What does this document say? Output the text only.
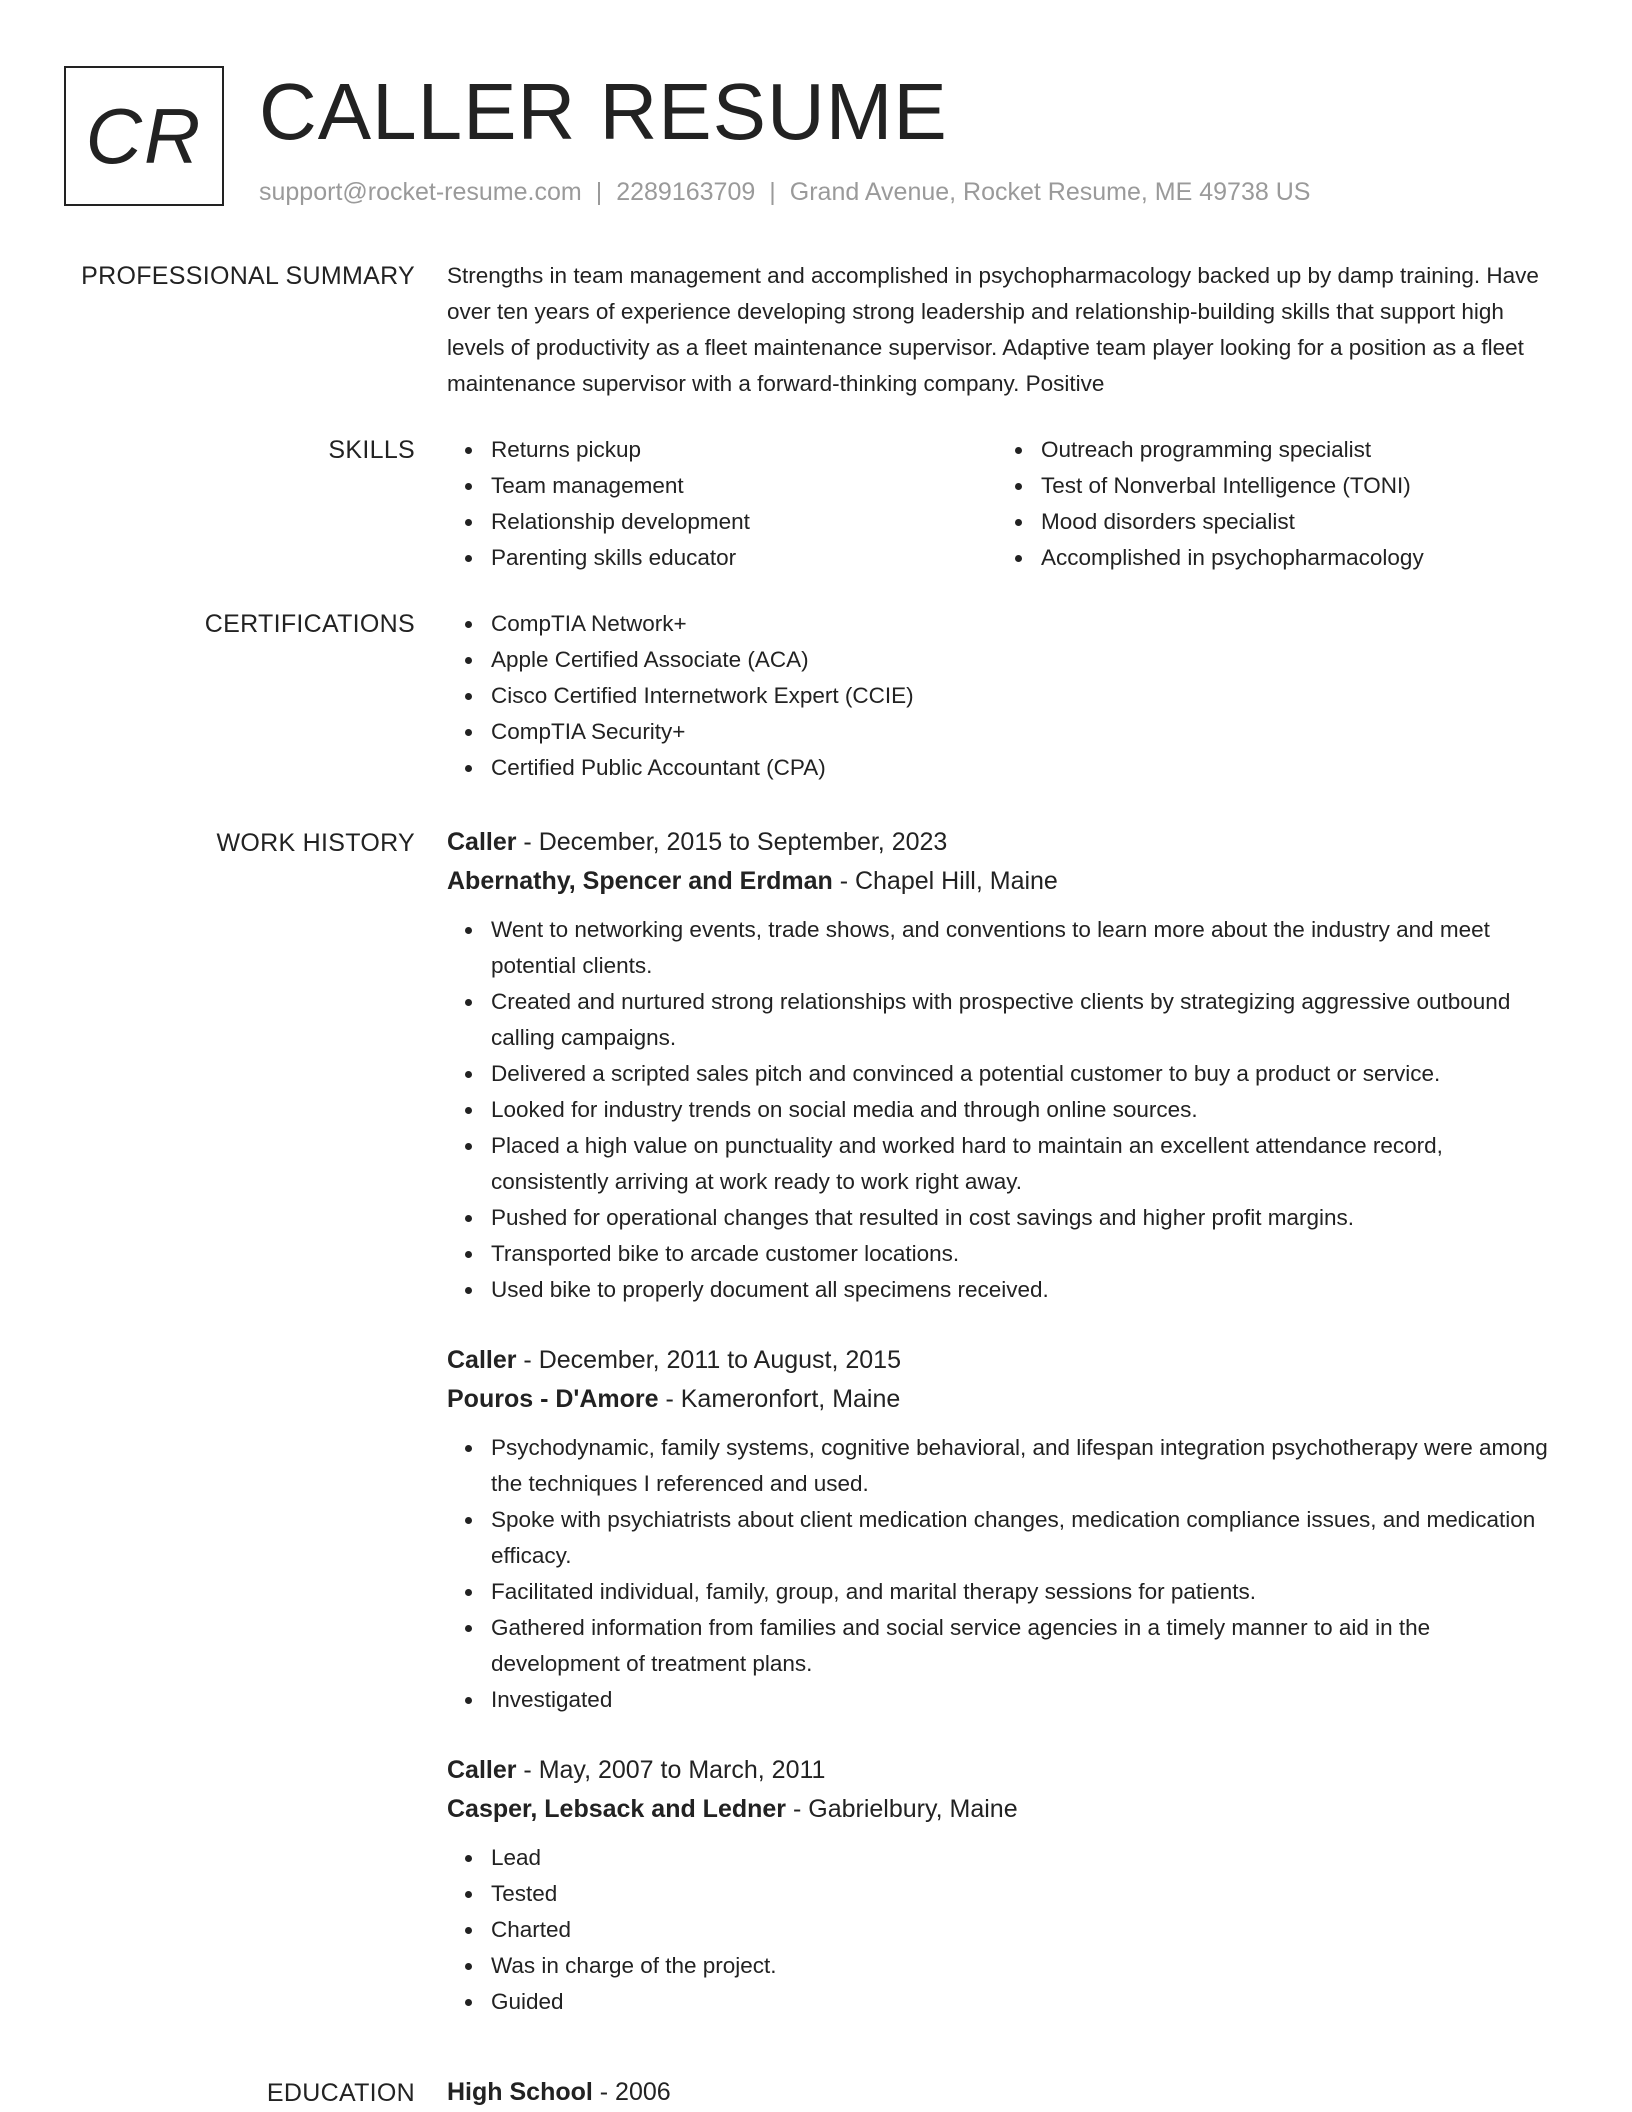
CR CALLER RESUME
support@rocket-resume.com | 2289163709 | Grand Avenue, Rocket Resume, ME 49738 US
PROFESSIONAL SUMMARY Strengths in team management and accomplished in psychopharmacology backed up by damp training. Have over ten years of experience developing strong leadership and relationship-building skills that support high levels of productivity as a fleet maintenance supervisor. Adaptive team player looking for a position as a fleet maintenance supervisor with a forward-thinking company. Positive

SKILLS	Returns pickup
Team management
Relationship development
Parenting skills educator
Outreach programming specialist
Test of Nonverbal Intelligence (TONI)
Mood disorders specialist
Accomplished in psychopharmacology
CERTIFICATIONS	CompTIA Network+
Apple Certified Associate (ACA)
Cisco Certified Internetwork Expert (CCIE)
CompTIA Security+
Certified Public Accountant (CPA)
WORK HISTORY Caller - December, 2015 to September, 2023
Abernathy, Spencer and Erdman - Chapel Hill, Maine
Went to networking events, trade shows, and conventions to learn more about the industry and meet potential clients.
Created and nurtured strong relationships with prospective clients by strategizing aggressive outbound calling campaigns.
Delivered a scripted sales pitch and convinced a potential customer to buy a product or service.
Looked for industry trends on social media and through online sources.
Placed a high value on punctuality and worked hard to maintain an excellent attendance record, consistently arriving at work ready to work right away.
Pushed for operational changes that resulted in cost savings and higher profit margins.
Transported bike to arcade customer locations.
Used bike to properly document all specimens received.
Caller - December, 2011 to August, 2015
Pouros - D'Amore - Kameronfort, Maine
Psychodynamic, family systems, cognitive behavioral, and lifespan integration psychotherapy were among the techniques I referenced and used.
Spoke with psychiatrists about client medication changes, medication compliance issues, and medication efficacy.
Facilitated individual, family, group, and marital therapy sessions for patients.
Gathered information from families and social service agencies in a timely manner to aid in the development of treatment plans.
Investigated
Caller - May, 2007 to March, 2011
Casper, Lebsack and Ledner - Gabrielbury, Maine
Lead
Tested
Charted
Was in charge of the project.
Guided
EDUCATION High School - 2006
